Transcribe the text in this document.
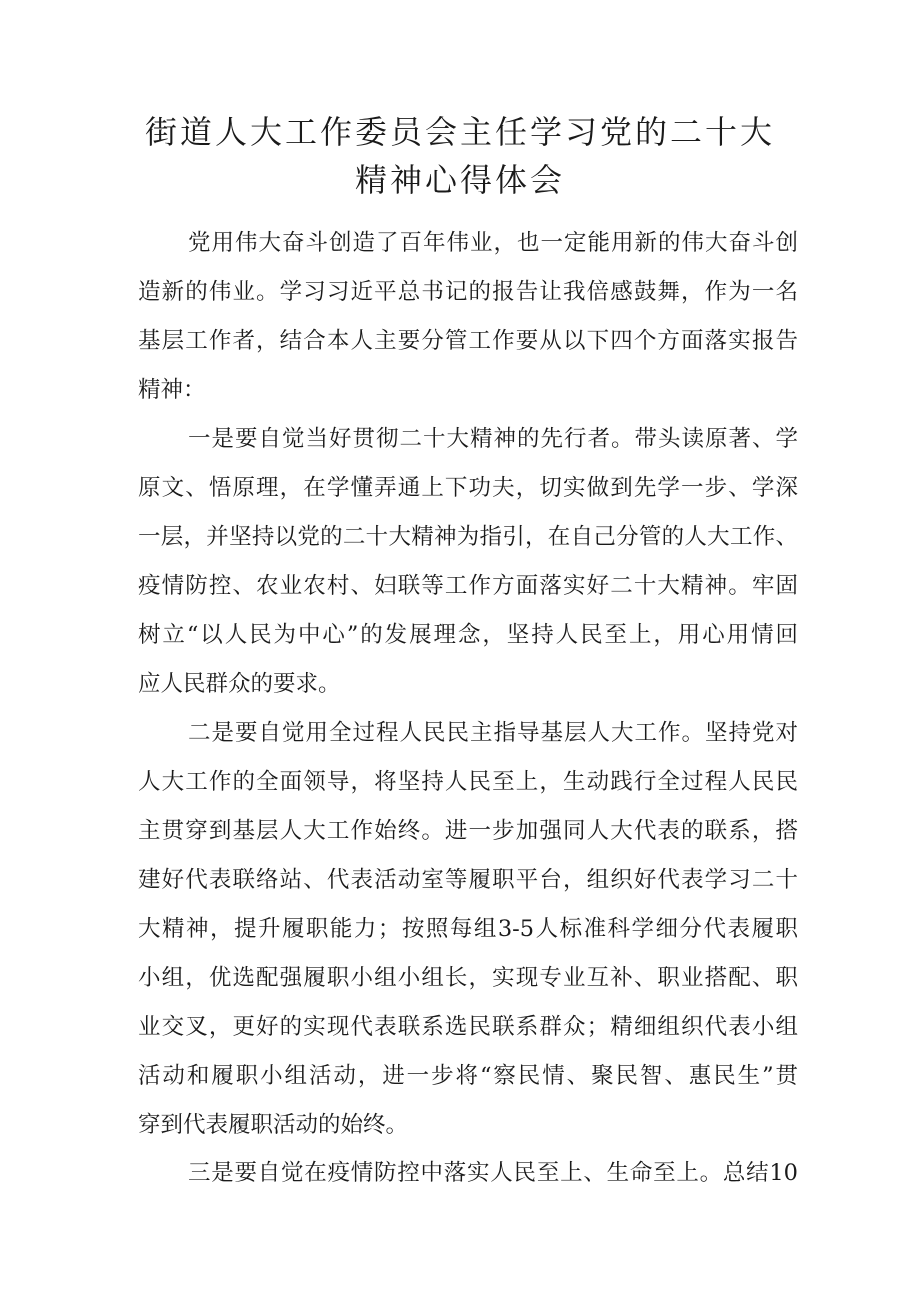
街道人大工作委员会主任学习党的二十大
精神心得体会

党用伟大奋斗创造了百年伟业，也一定能用新的伟大奋斗创

造新的伟业。学习习近平总书记的报告让我倍感鼓舞，作为一名

基层工作者，结合本人主要分管工作要从以下四个方面落实报告

精神：

一是要自觉当好贯彻二十大精神的先行者。带头读原著、学

原文、悟原理，在学懂弄通上下功夫，切实做到先学一步、学深

一层，并坚持以党的二十大精神为指引，在自己分管的人大工作、

疫情防控、农业农村、妇联等工作方面落实好二十大精神。牢固

树立“以人民为中心”的发展理念，坚持人民至上，用心用情回

应人民群众的要求。

二是要自觉用全过程人民民主指导基层人大工作。坚持党对

人大工作的全面领导，将坚持人民至上，生动践行全过程人民民

主贯穿到基层人大工作始终。进一步加强同人大代表的联系，搭

建好代表联络站、代表活动室等履职平台，组织好代表学习二十

大精神，提升履职能力；按照每组3-5人标准科学细分代表履职

小组，优选配强履职小组小组长，实现专业互补、职业搭配、职

业交叉，更好的实现代表联系选民联系群众；精细组织代表小组

活动和履职小组活动，进一步将“察民情、聚民智、惠民生”贯

穿到代表履职活动的始终。

三是要自觉在疫情防控中落实人民至上、生命至上。总结10
